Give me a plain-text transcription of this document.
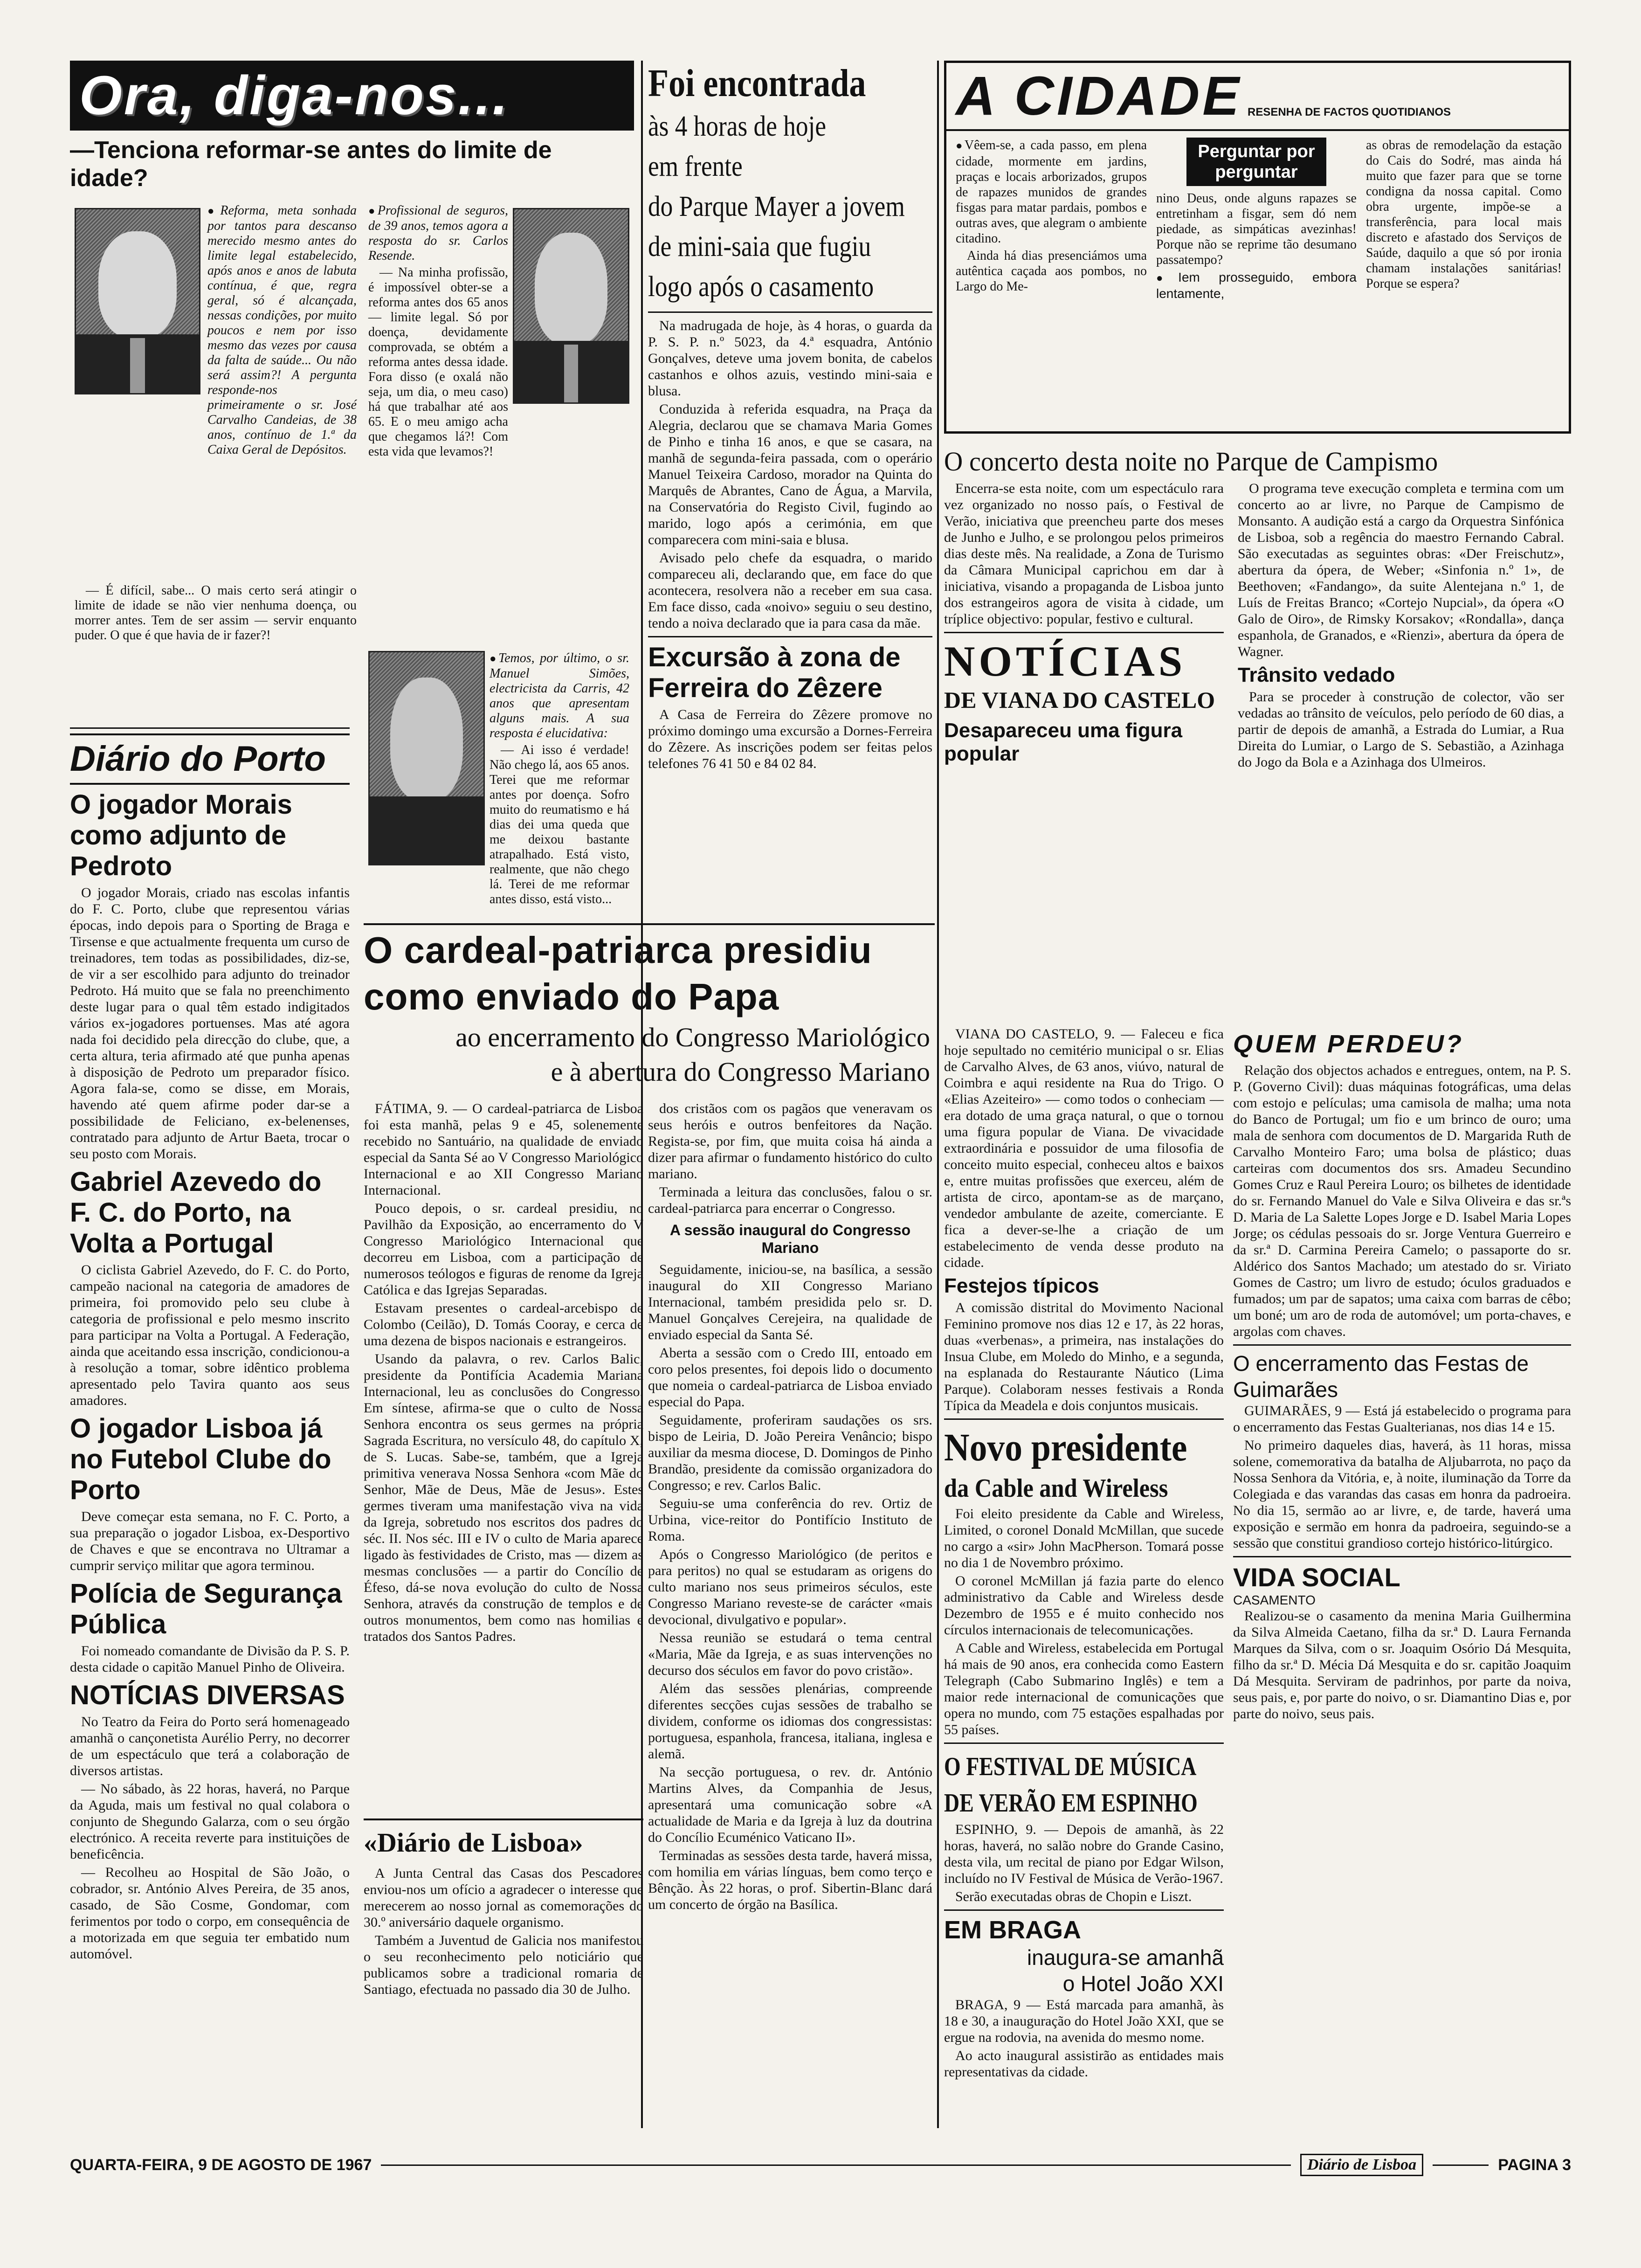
Ora, diga-nos...
—Tenciona reformar-se antes do limite de idade?

● Reforma, meta sonhada por tantos para descanso merecido mesmo antes do limite legal estabelecido, após anos e anos de labuta contínua, é que, regra geral, só é alcançada, nessas condições, por muito poucos e nem por isso mesmo das vezes por causa da falta de saúde... Ou não será assim?! A pergunta responde-nos primeiramente o sr. José Carvalho Candeias, de 38 anos, contínuo de 1.ª da Caixa Geral de Depósitos.

— É difícil, sabe... O mais certo será atingir o limite de idade se não vier nenhuma doença, ou morrer antes. Tem de ser assim — servir enquanto puder. O que é que havia de ir fazer?!

● Profissional de seguros, de 39 anos, temos agora a resposta do sr. Carlos Resende.

— Na minha profissão, é impossível obter-se a reforma antes dos 65 anos — limite legal. Só por doença, devidamente comprovada, se obtém a reforma antes dessa idade. Fora disso (e oxalá não seja, um dia, o meu caso) há que trabalhar até aos 65. E o meu amigo acha que chegamos lá?! Com esta vida que levamos?!

● Temos, por último, o sr. Manuel Simões, electricista da Carris, 42 anos que apresentam alguns mais. A sua resposta é elucidativa:

— Ai isso é verdade! Não chego lá, aos 65 anos. Terei que me reformar antes por doença. Sofro muito do reumatismo e há dias dei uma queda que me deixou bastante atrapalhado. Está visto, realmente, que não chego lá. Terei de me reformar antes disso, está visto...

Diário do Porto
O jogador Morais como adjunto de Pedroto

O jogador Morais, criado nas escolas infantis do F. C. Porto, clube que representou várias épocas, indo depois para o Sporting de Braga e Tirsense e que actualmente frequenta um curso de treinadores, tem todas as possibilidades, diz-se, de vir a ser escolhido para adjunto do treinador Pedroto. Há muito que se fala no preenchimento deste lugar para o qual têm estado indigitados vários ex-jogadores portuenses. Mas até agora nada foi decidido pela direcção do clube, que, a certa altura, teria afirmado até que punha apenas à disposição de Pedroto um preparador físico. Agora fala-se, como se disse, em Morais, havendo até quem afirme poder dar-se a possibilidade de Feliciano, ex-belenenses, contratado para adjunto de Artur Baeta, trocar o seu posto com Morais.

Gabriel Azevedo do F. C. do Porto, na Volta a Portugal

O ciclista Gabriel Azevedo, do F. C. do Porto, campeão nacional na categoria de amadores de primeira, foi promovido pelo seu clube à categoria de profissional e pelo mesmo inscrito para participar na Volta a Portugal. A Federação, ainda que aceitando essa inscrição, condicionou-a à resolução a tomar, sobre idêntico problema apresentado pelo Tavira quanto aos seus amadores.

O jogador Lisboa já no Futebol Clube do Porto

Deve começar esta semana, no F. C. Porto, a sua preparação o jogador Lisboa, ex-Desportivo de Chaves e que se encontrava no Ultramar a cumprir serviço militar que agora terminou.

Polícia de Segurança Pública

Foi nomeado comandante de Divisão da P. S. P. desta cidade o capitão Manuel Pinho de Oliveira.

NOTÍCIAS DIVERSAS

No Teatro da Feira do Porto será homenageado amanhã o cançonetista Aurélio Perry, no decorrer de um espectáculo que terá a colaboração de diversos artistas.

— No sábado, às 22 horas, haverá, no Parque da Aguda, mais um festival no qual colabora o conjunto de Shegundo Galarza, com o seu órgão electrónico. A receita reverte para instituições de beneficência.

— Recolheu ao Hospital de São João, o cobrador, sr. António Alves Pereira, de 35 anos, casado, de São Cosme, Gondomar, com ferimentos por todo o corpo, em consequência de a motorizada em que seguia ter embatido num automóvel.

Foi encontrada
às 4 horas de hoje
em frente
do Parque Mayer a jovem
de mini-saia que fugiu
logo após o casamento

Na madrugada de hoje, às 4 horas, o guarda da P. S. P. n.º 5023, da 4.ª esquadra, António Gonçalves, deteve uma jovem bonita, de cabelos castanhos e olhos azuis, vestindo mini-saia e blusa.

Conduzida à referida esquadra, na Praça da Alegria, declarou que se chamava Maria Gomes de Pinho e tinha 16 anos, e que se casara, na manhã de segunda-feira passada, com o operário Manuel Teixeira Cardoso, morador na Quinta do Marquês de Abrantes, Cano de Água, a Marvila, na Conservatória do Registo Civil, fugindo ao marido, logo após a cerimónia, em que comparecera com mini-saia e blusa.

Avisado pelo chefe da esquadra, o marido compareceu ali, declarando que, em face do que acontecera, resolvera não a receber em sua casa. Em face disso, cada «noivo» seguiu o seu destino, tendo a noiva declarado que ia para casa da mãe.

Excursão à zona de Ferreira do Zêzere

A Casa de Ferreira do Zêzere promove no próximo domingo uma excursão a Dornes-Ferreira do Zêzere. As inscrições podem ser feitas pelos telefones 76 41 50 e 84 02 84.

O cardeal-patriarca presidiu
como enviado do Papa
ao encerramento do Congresso Mariológico
e à abertura do Congresso Mariano

FÁTIMA, 9. — O cardeal-patriarca de Lisboa foi esta manhã, pelas 9 e 45, solenemente recebido no Santuário, na qualidade de enviado especial da Santa Sé ao V Congresso Mariológico Internacional e ao XII Congresso Mariano Internacional.

Pouco depois, o sr. cardeal presidiu, no Pavilhão da Exposição, ao encerramento do V Congresso Mariológico Internacional que decorreu em Lisboa, com a participação de numerosos teólogos e figuras de renome da Igreja Católica e das Igrejas Separadas.

Estavam presentes o cardeal-arcebispo de Colombo (Ceilão), D. Tomás Cooray, e cerca de uma dezena de bispos nacionais e estrangeiros.

Usando da palavra, o rev. Carlos Balic, presidente da Pontifícia Academia Mariana Internacional, leu as conclusões do Congresso. Em síntese, afirma-se que o culto de Nossa Senhora encontra os seus germes na própria Sagrada Escritura, no versículo 48, do capítulo X, de S. Lucas. Sabe-se, também, que a Igreja primitiva venerava Nossa Senhora «com Mãe do Senhor, Mãe de Deus, Mãe de Jesus». Estes germes tiveram uma manifestação viva na vida da Igreja, sobretudo nos escritos dos padres do séc. II. Nos séc. III e IV o culto de Maria aparece ligado às festividades de Cristo, mas — dizem as mesmas conclusões — a partir do Concílio de Éfeso, dá-se nova evolução do culto de Nossa Senhora, através da construção de templos e de outros monumentos, bem como nas homilias e tratados dos Santos Padres.

«Diário de Lisboa»

A Junta Central das Casas dos Pescadores enviou-nos um ofício a agradecer o interesse que merecerem ao nosso jornal as comemorações do 30.º aniversário daquele organismo.

Também a Juventud de Galicia nos manifestou o seu reconhecimento pelo noticiário que publicamos sobre a tradicional romaria de Santiago, efectuada no passado dia 30 de Julho.

dos cristãos com os pagãos que veneravam os seus heróis e outros benfeitores da Nação. Regista-se, por fim, que muita coisa há ainda a dizer para afirmar o fundamento histórico do culto mariano.

Terminada a leitura das conclusões, falou o sr. cardeal-patriarca para encerrar o Congresso.

A sessão inaugural do Congresso Mariano

Seguidamente, iniciou-se, na basílica, a sessão inaugural do XII Congresso Mariano Internacional, também presidida pelo sr. D. Manuel Gonçalves Cerejeira, na qualidade de enviado especial da Santa Sé.

Aberta a sessão com o Credo III, entoado em coro pelos presentes, foi depois lido o documento que nomeia o cardeal-patriarca de Lisboa enviado especial do Papa.

Seguidamente, proferiram saudações os srs. bispo de Leiria, D. João Pereira Venâncio; bispo auxiliar da mesma diocese, D. Domingos de Pinho Brandão, presidente da comissão organizadora do Congresso; e rev. Carlos Balic.

Seguiu-se uma conferência do rev. Ortiz de Urbina, vice-reitor do Pontifício Instituto de Roma.

Após o Congresso Mariológico (de peritos e para peritos) no qual se estudaram as origens do culto mariano nos seus primeiros séculos, este Congresso Mariano reveste-se de carácter «mais devocional, divulgativo e popular».

Nessa reunião se estudará o tema central «Maria, Mãe da Igreja, e as suas intervenções no decurso dos séculos em favor do povo cristão».

Além das sessões plenárias, compreende diferentes secções cujas sessões de trabalho se dividem, conforme os idiomas dos congressistas: portuguesa, espanhola, francesa, italiana, inglesa e alemã.

Na secção portuguesa, o rev. dr. António Martins Alves, da Companhia de Jesus, apresentará uma comunicação sobre «A actualidade de Maria e da Igreja à luz da doutrina do Concílio Ecuménico Vaticano II».

Terminadas as sessões desta tarde, haverá missa, com homilia em várias línguas, bem como terço e Bênção. Às 22 horas, o prof. Sibertin-Blanc dará um concerto de órgão na Basílica.

A CIDADE RESENHA DE FACTOS QUOTIDIANOS

● Vêem-se, a cada passo, em plena cidade, mormente em jardins, praças e locais arborizados, grupos de rapazes munidos de grandes fisgas para matar pardais, pombos e outras aves, que alegram o ambiente citadino.

Ainda há dias presenciámos uma autêntica caçada aos pombos, no Largo do Me-

Perguntar por perguntar

nino Deus, onde alguns rapazes se entretinham a fisgar, sem dó nem piedade, as simpáticas avezinhas! Porque não se reprime tão desumano passatempo?

● Iem prosseguido, embora lentamente,

as obras de remodelação da estação do Cais do Sodré, mas ainda há muito que fazer para que se torne condigna da nossa capital. Como obra urgente, impõe-se a transferência, para local mais discreto e afastado dos Serviços de Saúde, daquilo a que só por ironia chamam instalações sanitárias! Porque se espera?

O concerto desta noite no Parque de Campismo

Encerra-se esta noite, com um espectáculo rara vez organizado no nosso país, o Festival de Verão, iniciativa que preencheu parte dos meses de Junho e Julho, e se prolongou pelos primeiros dias deste mês. Na realidade, a Zona de Turismo da Câmara Municipal caprichou em dar à iniciativa, visando a propaganda de Lisboa junto dos estrangeiros agora de visita à cidade, um tríplice objectivo: popular, festivo e cultural.

NOTÍCIAS DE VIANA DO CASTELO
Desapareceu uma figura popular

O programa teve execução completa e termina com um concerto ao ar livre, no Parque de Campismo de Monsanto. A audição está a cargo da Orquestra Sinfónica de Lisboa, sob a regência do maestro Fernando Cabral. São executadas as seguintes obras: «Der Freischutz», abertura da ópera, de Weber; «Sinfonia n.º 1», de Beethoven; «Fandango», da suite Alentejana n.º 1, de Luís de Freitas Branco; «Cortejo Nupcial», da ópera «O Galo de Oiro», de Rimsky Korsakov; «Rondalla», dança espanhola, de Granados, e «Rienzi», abertura da ópera de Wagner.

Trânsito vedado

Para se proceder à construção de colector, vão ser vedadas ao trânsito de veículos, pelo período de 60 dias, a partir de depois de amanhã, a Estrada do Lumiar, a Rua Direita do Lumiar, o Largo de S. Sebastião, a Azinhaga do Jogo da Bola e a Azinhaga dos Ulmeiros.

VIANA DO CASTELO, 9. — Faleceu e fica hoje sepultado no cemitério municipal o sr. Elias de Carvalho Alves, de 63 anos, viúvo, natural de Coimbra e aqui residente na Rua do Trigo. O «Elias Azeiteiro» — como todos o conheciam — era dotado de uma graça natural, o que o tornou uma figura popular de Viana. De vivacidade extraordinária e possuidor de uma filosofia de conceito muito especial, conheceu altos e baixos e, entre muitas profissões que exerceu, além de artista de circo, apontam-se as de marçano, vendedor ambulante de azeite, comerciante. E fica a dever-se-lhe a criação de um estabelecimento de venda desse produto na cidade.

Festejos típicos

A comissão distrital do Movimento Nacional Feminino promove nos dias 12 e 17, às 22 horas, duas «verbenas», a primeira, nas instalações do Insua Clube, em Moledo do Minho, e a segunda, na esplanada do Restaurante Náutico (Lima Parque). Colaboram nesses festivais a Ronda Típica da Meadela e dois conjuntos musicais.

Novo presidente da Cable and Wireless

Foi eleito presidente da Cable and Wireless, Limited, o coronel Donald McMillan, que sucede no cargo a «sir» John MacPherson. Tomará posse no dia 1 de Novembro próximo.

O coronel McMillan já fazia parte do elenco administrativo da Cable and Wireless desde Dezembro de 1955 e é muito conhecido nos círculos internacionais de telecomunicações.

A Cable and Wireless, estabelecida em Portugal há mais de 90 anos, era conhecida como Eastern Telegraph (Cabo Submarino Inglês) e tem a maior rede internacional de comunicações que opera no mundo, com 75 estações espalhadas por 55 países.

O FESTIVAL DE MÚSICA DE VERÃO EM ESPINHO

ESPINHO, 9. — Depois de amanhã, às 22 horas, haverá, no salão nobre do Grande Casino, desta vila, um recital de piano por Edgar Wilson, incluído no IV Festival de Música de Verão-1967.

Serão executadas obras de Chopin e Liszt.

EM BRAGA
inaugura-se amanhã
o Hotel João XXI

BRAGA, 9 — Está marcada para amanhã, às 18 e 30, a inauguração do Hotel João XXI, que se ergue na rodovia, na avenida do mesmo nome.

Ao acto inaugural assistirão as entidades mais representativas da cidade.

QUEM PERDEU?

Relação dos objectos achados e entregues, ontem, na P. S. P. (Governo Civil): duas máquinas fotográficas, uma delas com estojo e películas; uma camisola de malha; uma nota do Banco de Portugal; um fio e um brinco de ouro; uma mala de senhora com documentos de D. Margarida Ruth de Carvalho Monteiro Faro; uma bolsa de plástico; duas carteiras com documentos dos srs. Amadeu Secundino Gomes Cruz e Raul Pereira Louro; os bilhetes de identidade do sr. Fernando Manuel do Vale e Silva Oliveira e das sr.ªs D. Maria de La Salette Lopes Jorge e D. Isabel Maria Lopes Jorge; os cédulas pessoais do sr. Jorge Ventura Guerreiro e da sr.ª D. Carmina Pereira Camelo; o passaporte do sr. Aldérico dos Santos Machado; um atestado do sr. Viriato Gomes de Castro; um livro de estudo; óculos graduados e fumados; um par de sapatos; uma caixa com barras de cêbo; um boné; um aro de roda de automóvel; um porta-chaves, e argolas com chaves.

O encerramento das Festas de Guimarães

GUIMARÃES, 9 — Está já estabelecido o programa para o encerramento das Festas Gualterianas, nos dias 14 e 15.

No primeiro daqueles dias, haverá, às 11 horas, missa solene, comemorativa da batalha de Aljubarrota, no paço da Nossa Senhora da Vitória, e, à noite, iluminação da Torre da Colegiada e das varandas das casas em honra da padroeira. No dia 15, sermão ao ar livre, e, de tarde, haverá uma exposição e sermão em honra da padroeira, seguindo-se a sessão que constitui grandioso cortejo histórico-litúrgico.

VIDA SOCIAL
CASAMENTO

Realizou-se o casamento da menina Maria Guilhermina da Silva Almeida Caetano, filha da sr.ª D. Laura Fernanda Marques da Silva, com o sr. Joaquim Osório Dá Mesquita, filho da sr.ª D. Mécia Dá Mesquita e do sr. capitão Joaquim Dá Mesquita. Serviram de padrinhos, por parte da noiva, seus pais, e, por parte do noivo, o sr. Diamantino Dias e, por parte do noivo, seus pais.

QUARTA-FEIRA, 9 DE AGOSTO DE 1967	Diário de Lisboa	PAGINA 3
